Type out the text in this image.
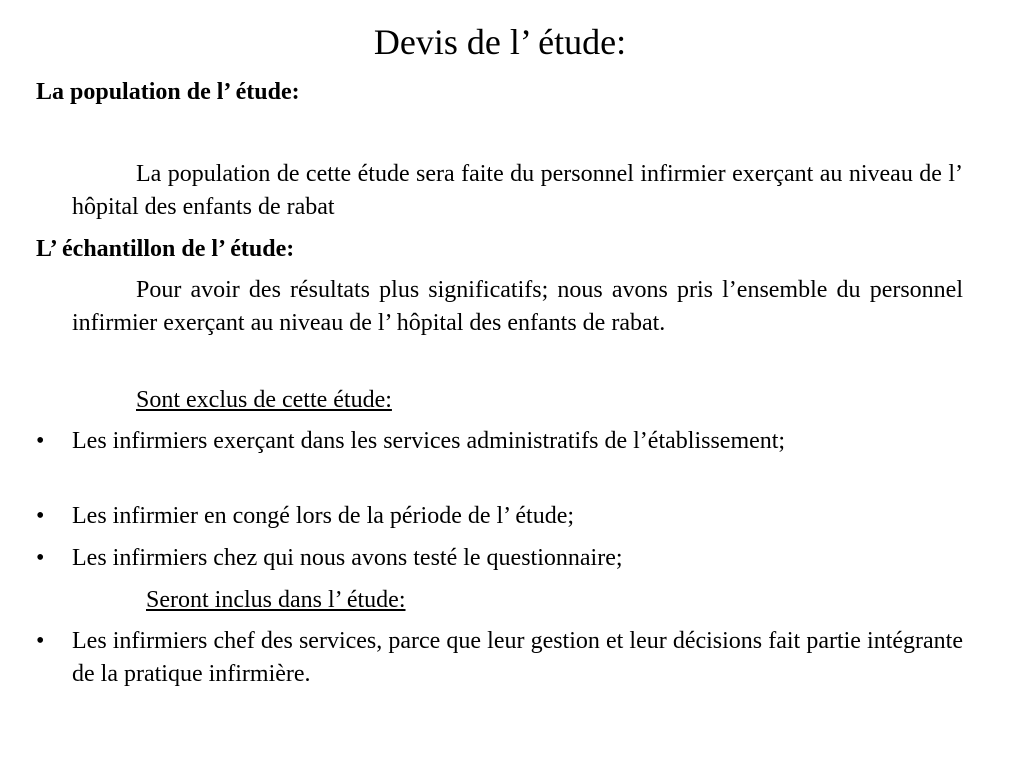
Devis de l’ étude:
La population de l’ étude:
La population de cette étude sera faite du personnel infirmier exerçant au niveau de l’ hôpital des enfants de rabat
L’ échantillon de l’ étude:
Pour avoir des résultats plus significatifs; nous avons pris l’ensemble du personnel infirmier exerçant au niveau de l’ hôpital des enfants de rabat.
Sont exclus de cette étude:
•	Les infirmiers exerçant dans les services administratifs de l’établissement;
•	Les infirmier en congé lors de la période de l’ étude;
•	Les infirmiers chez qui nous avons testé le questionnaire;
Seront inclus dans l’ étude:
•	Les infirmiers chef des services, parce que leur gestion et leur décisions fait partie intégrante de la pratique infirmière.
